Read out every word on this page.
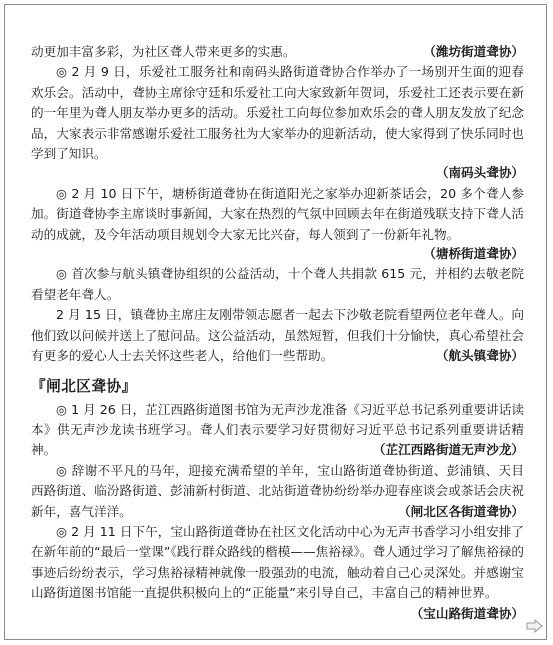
动更加丰富多彩，为社区聋人带来更多的实惠。	（潍坊街道聋协）

◎ 2 月 9 日，乐爱社工服务社和南码头路街道聋协合作举办了一场别开生面的迎春欢乐会。活动中，聋协主席徐守廷和乐爱社工向大家致新年贺词，乐爱社工还表示要在新的一年里为聋人朋友举办更多的活动。乐爱社工向每位参加欢乐会的聋人朋友发放了纪念品，大家表示非常感谢乐爱社工服务社为大家举办的迎新活动，使大家得到了快乐同时也学到了知识。

（南码头聋协）

◎ 2 月 10 日下午，塘桥街道聋协在街道阳光之家举办迎新茶话会，20 多个聋人参加。街道聋协李主席谈时事新闻，大家在热烈的气氛中回顾去年在街道残联支持下聋人活动的成就，及今年活动项目规划令大家无比兴奋，每人领到了一份新年礼物。

（塘桥街道聋协）

◎ 首次参与航头镇聋协组织的公益活动，十个聋人共捐款 615 元，并相约去敬老院看望老年聋人。

2 月 15 日，镇聋协主席庄友刚带领志愿者一起去下沙敬老院看望两位老年聋人。向他们致以问候并送上了慰问品。这公益活动，虽然短暂，但我们十分愉快，真心希望社会有更多的爱心人士去关怀这些老人，给他们一些帮助。	（航头镇聋协）

『闸北区聋协』

◎ 1 月 26 日，芷江西路街道图书馆为无声沙龙准备《习近平总书记系列重要讲话读本》供无声沙龙读书班学习。聋人们表示要学习好贯彻好习近平总书记系列重要讲话精神。	（芷江西路街道无声沙龙）

◎ 辞谢不平凡的马年，迎接充满希望的羊年，宝山路街道聋协街道、彭浦镇、天目西路街道、临汾路街道、彭浦新村街道、北站街道聋协纷纷举办迎春座谈会或茶话会庆祝新年，喜气洋洋。	（闸北区各街道聋协）

◎ 2 月 11 日下午，宝山路街道聋协在社区文化活动中心为无声书香学习小组安排了在新年前的“最后一堂课”《践行群众路线的楷模——焦裕禄》。聋人通过学习了解焦裕禄的事迹后纷纷表示，学习焦裕禄精神就像一股强劲的电流，触动着自己心灵深处。并感谢宝山路街道图书馆能一直提供积极向上的“正能量”来引导自己，丰富自己的精神世界。
（宝山路街道聋协）
